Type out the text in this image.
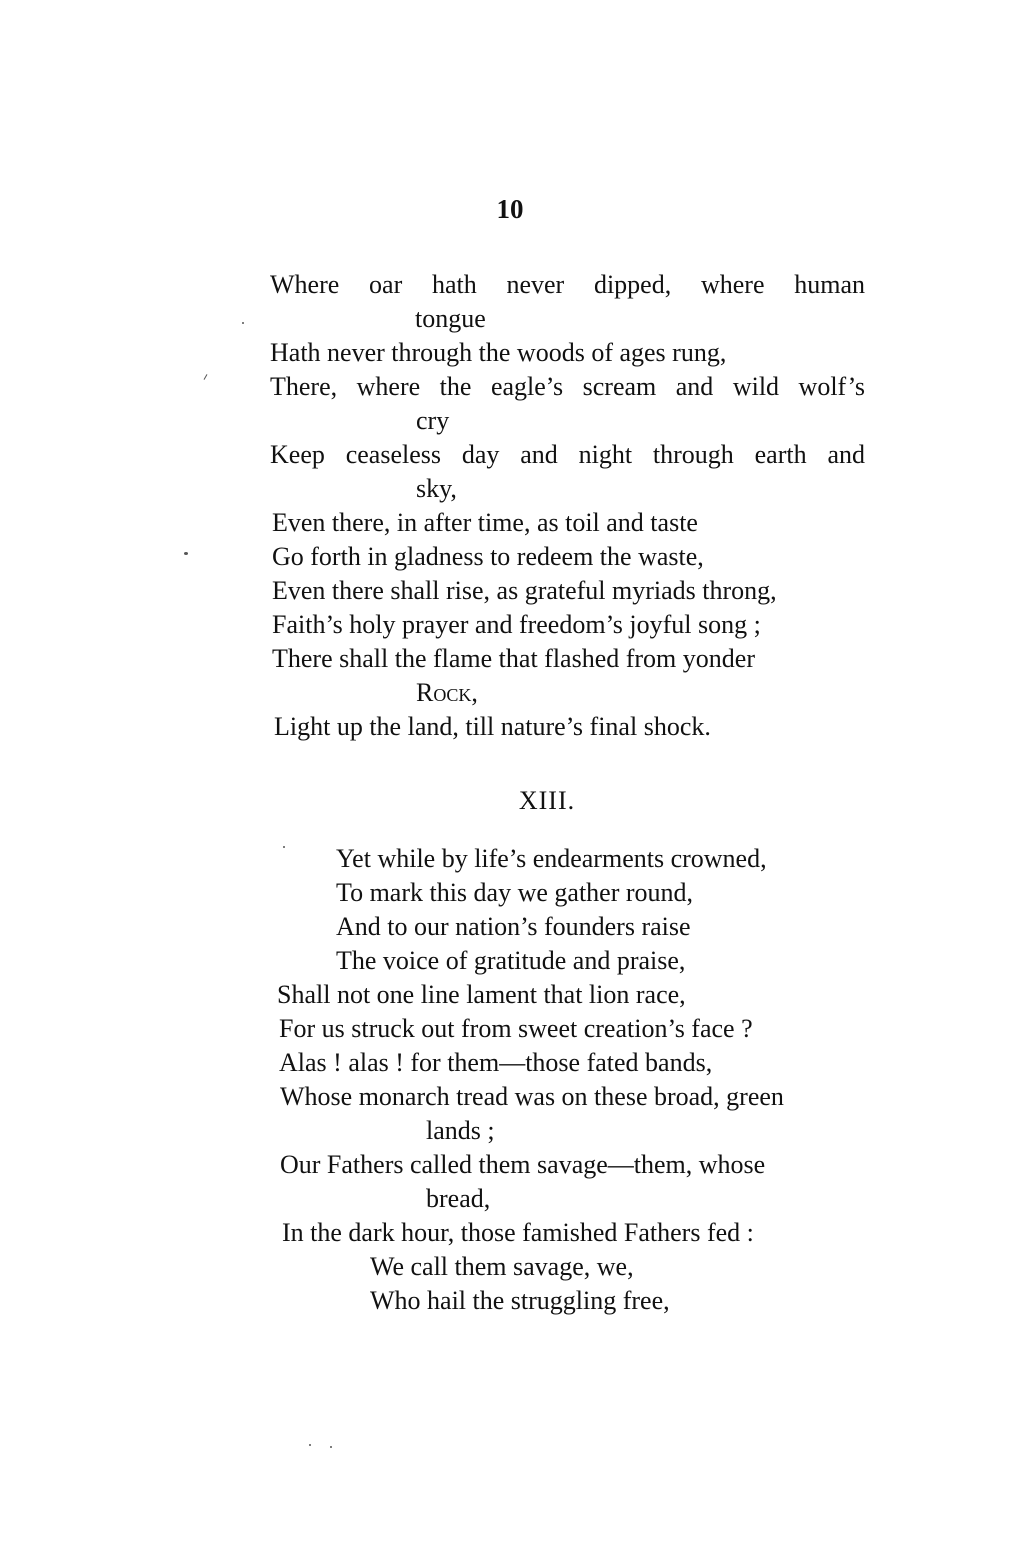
10
Where oar hath never dipped, where human
tongue
Hath never through the woods of ages rung,
There, where the eagle’s scream and wild wolf’s
cry
Keep ceaseless day and night through earth and
sky,
Even there, in after time, as toil and taste
Go forth in gladness to redeem the waste,
Even there shall rise, as grateful myriads throng,
Faith’s holy prayer and freedom’s joyful song ;
There shall the flame that flashed from yonder
Rock,
Light up the land, till nature’s final shock.
XIII.
Yet while by life’s endearments crowned,
To mark this day we gather round,
And to our nation’s founders raise
The voice of gratitude and praise,
Shall not one line lament that lion race,
For us struck out from sweet creation’s face ?
Alas ! alas ! for them—those fated bands,
Whose monarch tread was on these broad, green
lands ;
Our Fathers called them savage—them, whose
bread,
In the dark hour, those famished Fathers fed :
We call them savage, we,
Who hail the struggling free,
